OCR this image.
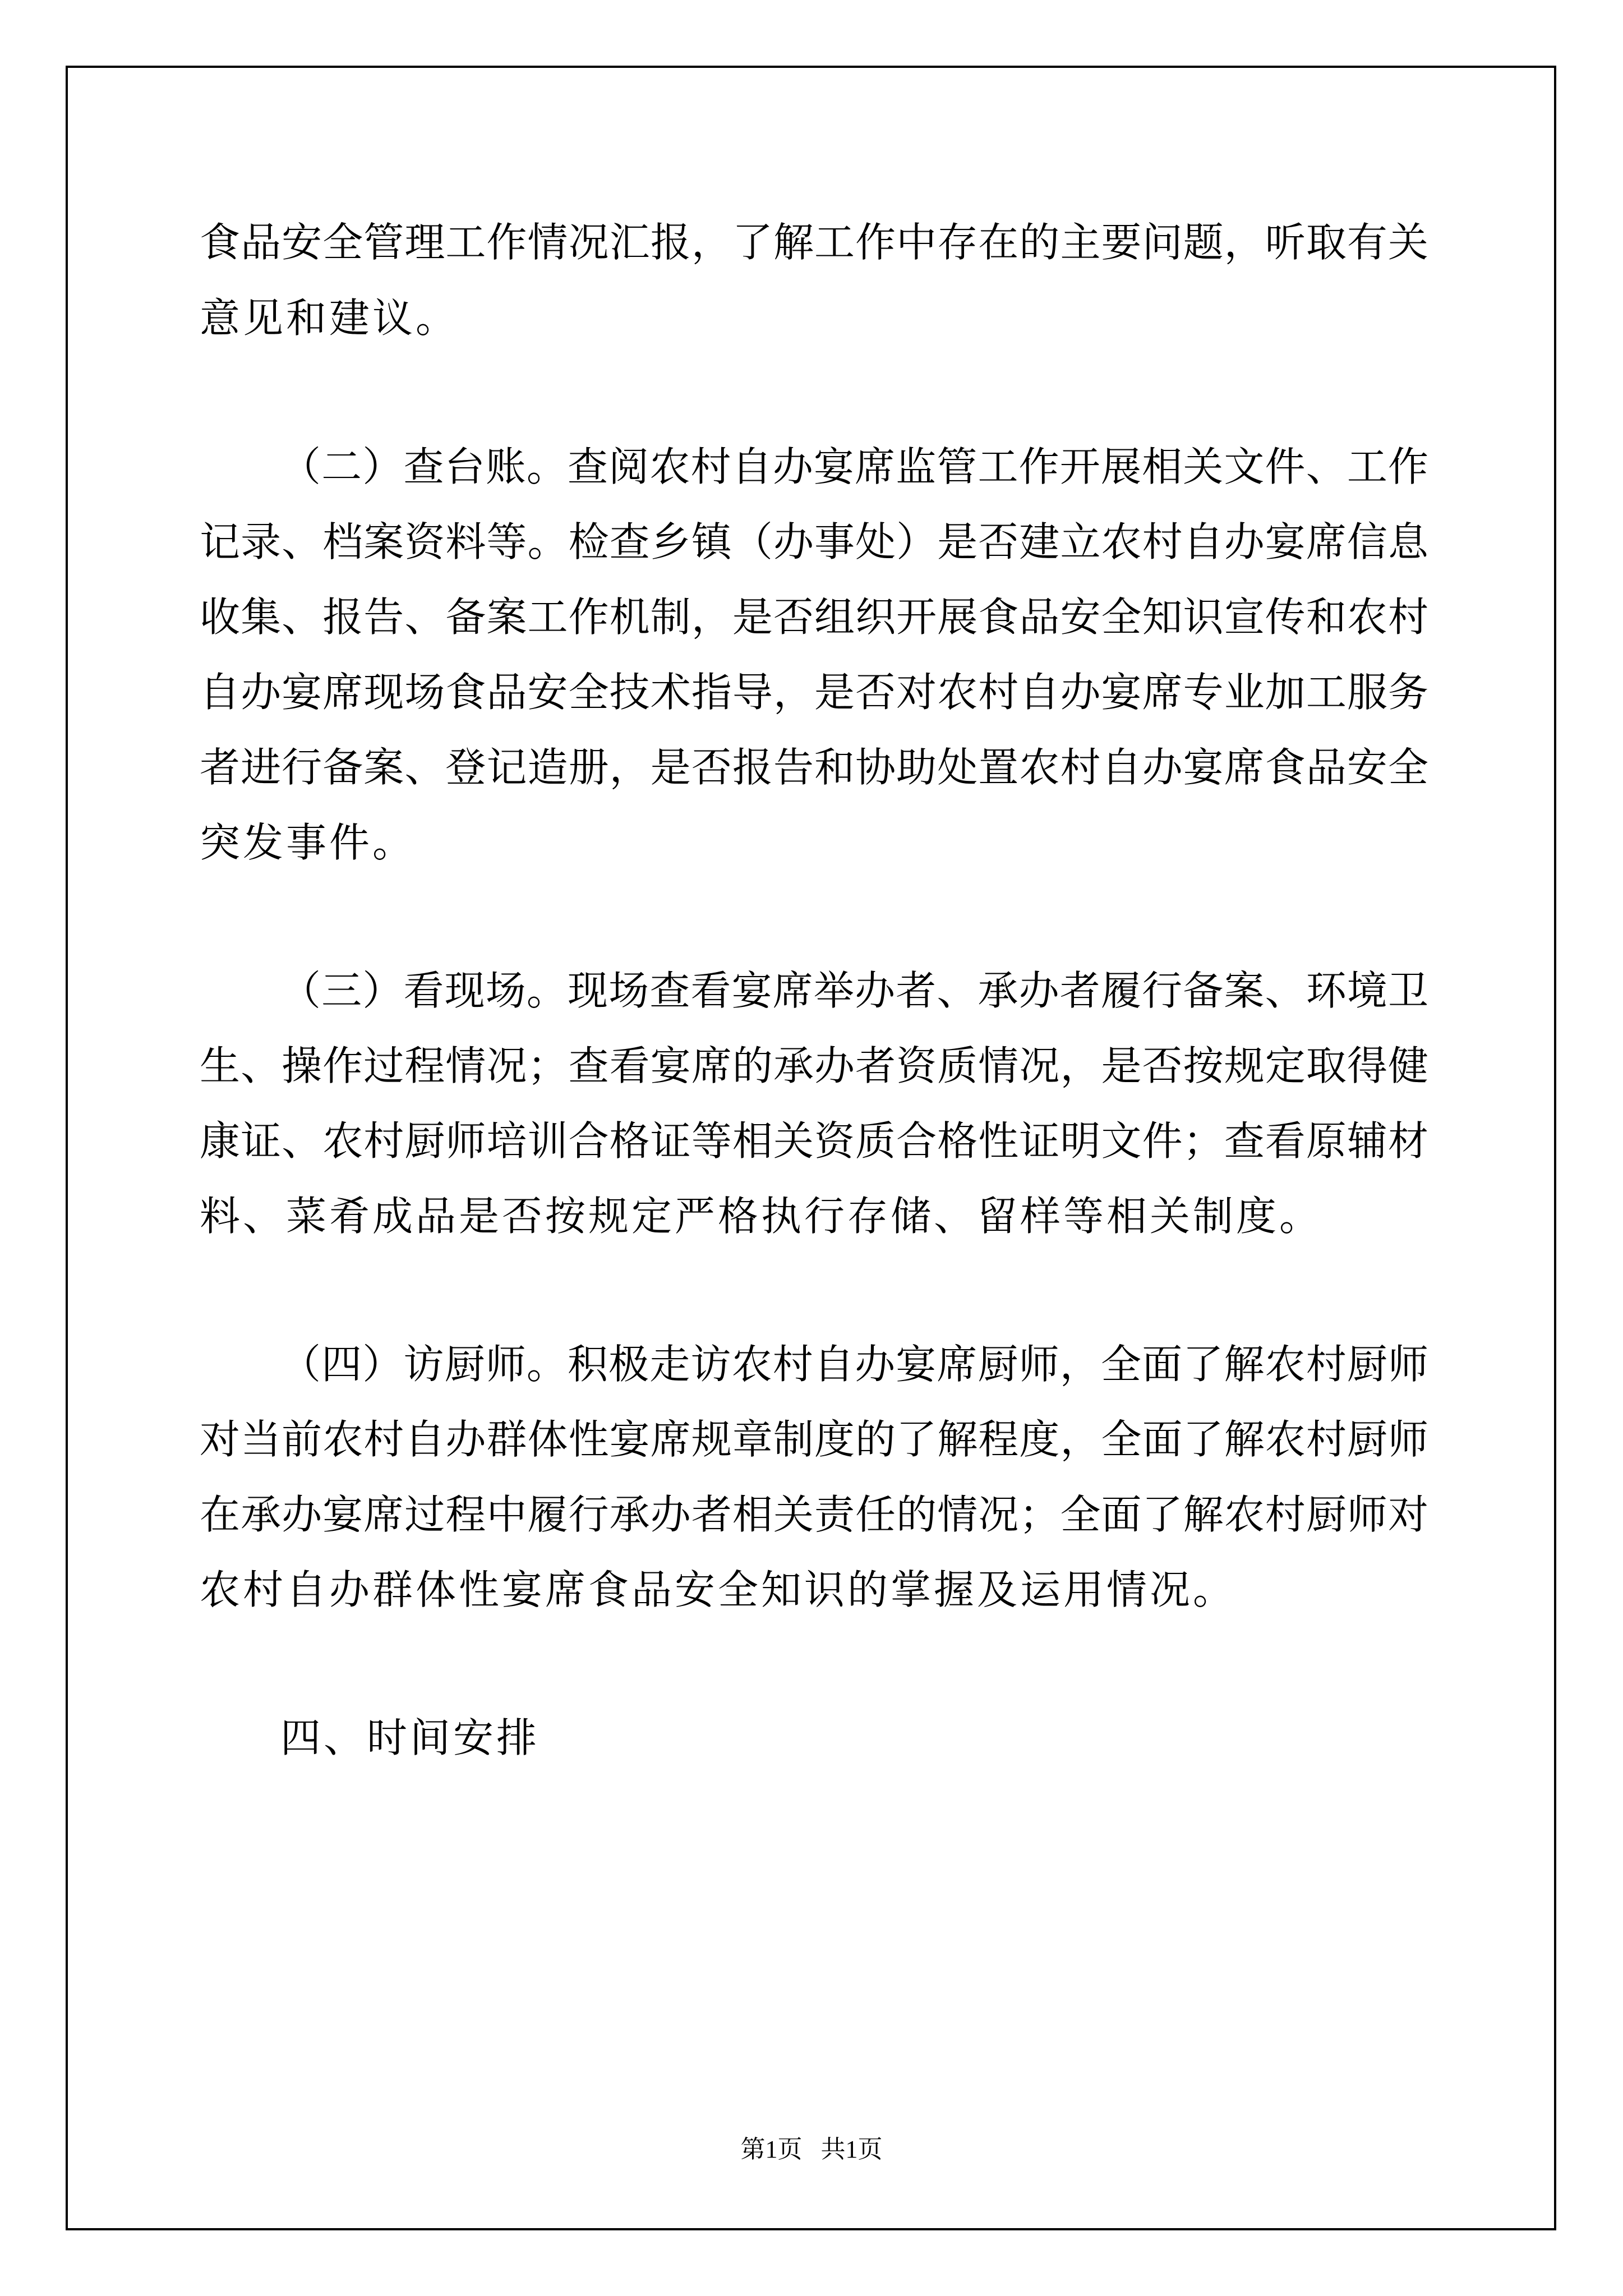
食品安全管理工作情况汇报，了解工作中存在的主要问题，听取有关
意见和建议。
（二）查台账。查阅农村自办宴席监管工作开展相关文件、工作
记录、档案资料等。检查乡镇（办事处）是否建立农村自办宴席信息
收集、报告、备案工作机制，是否组织开展食品安全知识宣传和农村
自办宴席现场食品安全技术指导，是否对农村自办宴席专业加工服务
者进行备案、登记造册，是否报告和协助处置农村自办宴席食品安全
突发事件。
（三）看现场。现场查看宴席举办者、承办者履行备案、环境卫
生、操作过程情况；查看宴席的承办者资质情况，是否按规定取得健
康证、农村厨师培训合格证等相关资质合格性证明文件；查看原辅材
料、菜肴成品是否按规定严格执行存储、留样等相关制度。
（四）访厨师。积极走访农村自办宴席厨师，全面了解农村厨师
对当前农村自办群体性宴席规章制度的了解程度，全面了解农村厨师
在承办宴席过程中履行承办者相关责任的情况；全面了解农村厨师对
农村自办群体性宴席食品安全知识的掌握及运用情况。
四、时间安排
第1页   共1页
